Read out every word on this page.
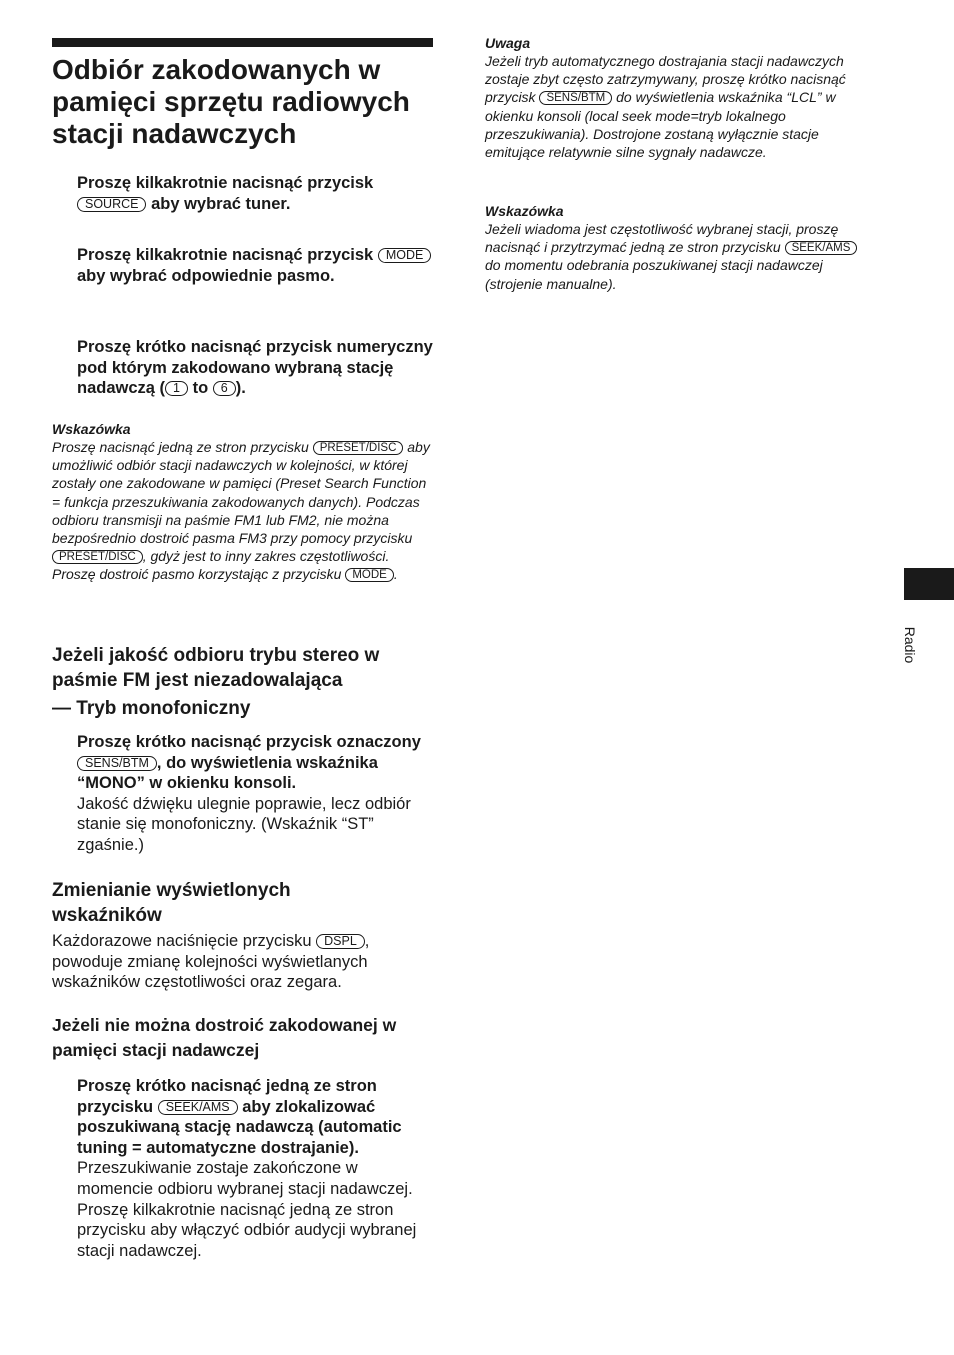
Odbiór zakodowanych w pamięci sprzętu radiowych stacji nadawczych
Proszę kilkakrotnie nacisnąć przycisk SOURCE aby wybrać tuner.
Proszę kilkakrotnie nacisnąć przycisk MODE aby wybrać odpowiednie pasmo.
Proszę krótko nacisnąć przycisk numeryczny pod którym zakodowano wybraną stację nadawczą ( 1 to 6 ).
Wskazówka
Proszę nacisnąć jedną ze stron przycisku PRESET/DISC aby umożliwić odbiór stacji nadawczych w kolejności, w której zostały one zakodowane w pamięci (Preset Search Function = funkcja przeszukiwania zakodowanych danych). Podczas odbioru transmisji na paśmie FM1 lub FM2, nie można bezpośrednio dostroić pasma FM3 przy pomocy przycisku PRESET/DISC , gdyż jest to inny zakres częstotliwości. Proszę dostroić pasmo korzystając z przycisku MODE .
Jeżeli jakość odbioru trybu stereo w paśmie FM jest niezadowalająca
— Tryb monofoniczny
Proszę krótko nacisnąć przycisk oznaczony SENS/BTM , do wyświetlenia wskaźnika “MONO” w okienku konsoli.
Jakość dźwięku ulegnie poprawie, lecz odbiór stanie się monofoniczny. (Wskaźnik “ST” zgaśnie.)
Zmienianie wyświetlonych wskaźników
Każdorazowe naciśnięcie przycisku DSPL , powoduje zmianę kolejności wyświetlanych wskaźników częstotliwości oraz zegara.
Jeżeli nie można dostroić zakodowanej w pamięci stacji nadawczej
Proszę krótko nacisnąć jedną ze stron przycisku SEEK/AMS aby zlokalizować poszukiwaną stację nadawczą (automatic tuning = automatyczne dostrajanie).
Przeszukiwanie zostaje zakończone w momencie odbioru wybranej stacji nadawczej. Proszę kilkakrotnie nacisnąć jedną ze stron przycisku aby włączyć odbiór audycji wybranej stacji nadawczej.
Uwaga
Jeżeli tryb automatycznego dostrajania stacji nadawczych zostaje zbyt często zatrzymywany, proszę krótko nacisnąć przycisk SENS/BTM do wyświetlenia wskaźnika “LCL” w okienku konsoli (local seek mode=tryb lokalnego przeszukiwania). Dostrojone zostaną wyłącznie stacje emitujące relatywnie silne sygnały nadawcze.
Wskazówka
Jeżeli wiadoma jest częstotliwość wybranej stacji, proszę nacisnąć i przytrzymać jedną ze stron przycisku SEEK/AMS do momentu odebrania poszukiwanej stacji nadawczej (strojenie manualne).
Radio
